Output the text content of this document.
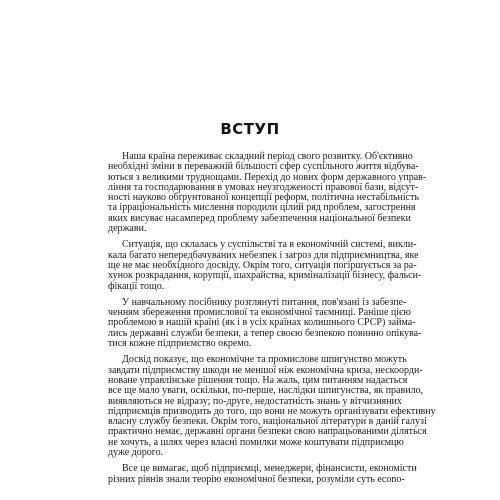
ВСТУП
Наша країна переживає складний період свого розвитку. Об'єктивно
необхідні зміни в переважній більшості сфер суспільного життя відбува-
ються з великими труднощами. Перехід до нових форм державного управ-
ління та господарювання в умовах неузгодженості правової бази, відсут-
ності науково обґрунтованої концепції реформ, політична нестабільність
та ірраціональність мислення породили цілий ряд проблем, загострення
яких висуває насамперед проблему забезпечення національної безпеки
держави.
Ситуація, що склалась у суспільстві та в економічній системі, викли-
кала багато непередбачуваних небезпек і загроз для підприємництва, яке
ще не має необхідного досвіду. Окрім того, ситуація погіршується за ра-
хунок розкрадання, корупції, шахрайства, криміналізації бізнесу, фальси-
фікації тощо.
У навчальному посібнику розглянуті питання, пов'язані із забезпе-
ченням збереження промислової та економічної таємниці. Раніше цією
проблемою в нашій країні (як і в усіх країнах колишнього СРСР) займа-
лись державні служби безпеки, а тепер своєю безпекою повинно опікува-
тися кожне підприємство окремо.
Досвід показує, що економічне та промислове шпигунство можуть
завдати підприємству шкоди не меншої ніж економічна криза, нескоорди-
новане управлінське рішення тощо. На жаль, цим питанням надається
все ще мало уваги, оскільки, по-перше, наслідки шпигунства, як правило,
виявляються не відразу; по-друге, недостатність знань у вітчизняних
підприємців призводить до того, що вони не можуть організувати ефективну
власну службу безпеки. Окрім того, національної літератури в даній галузі
практично немає, державні органи безпеки свою напрацьованими діляться
не хочуть, а шлях через власні помилки може коштувати підприємцю
дуже дорого.
Все це вимагає, щоб підприємці, менеджери, фінансисти, економісти
різних рівнів знали теорію економічної безпеки, розуміли суть econo-
